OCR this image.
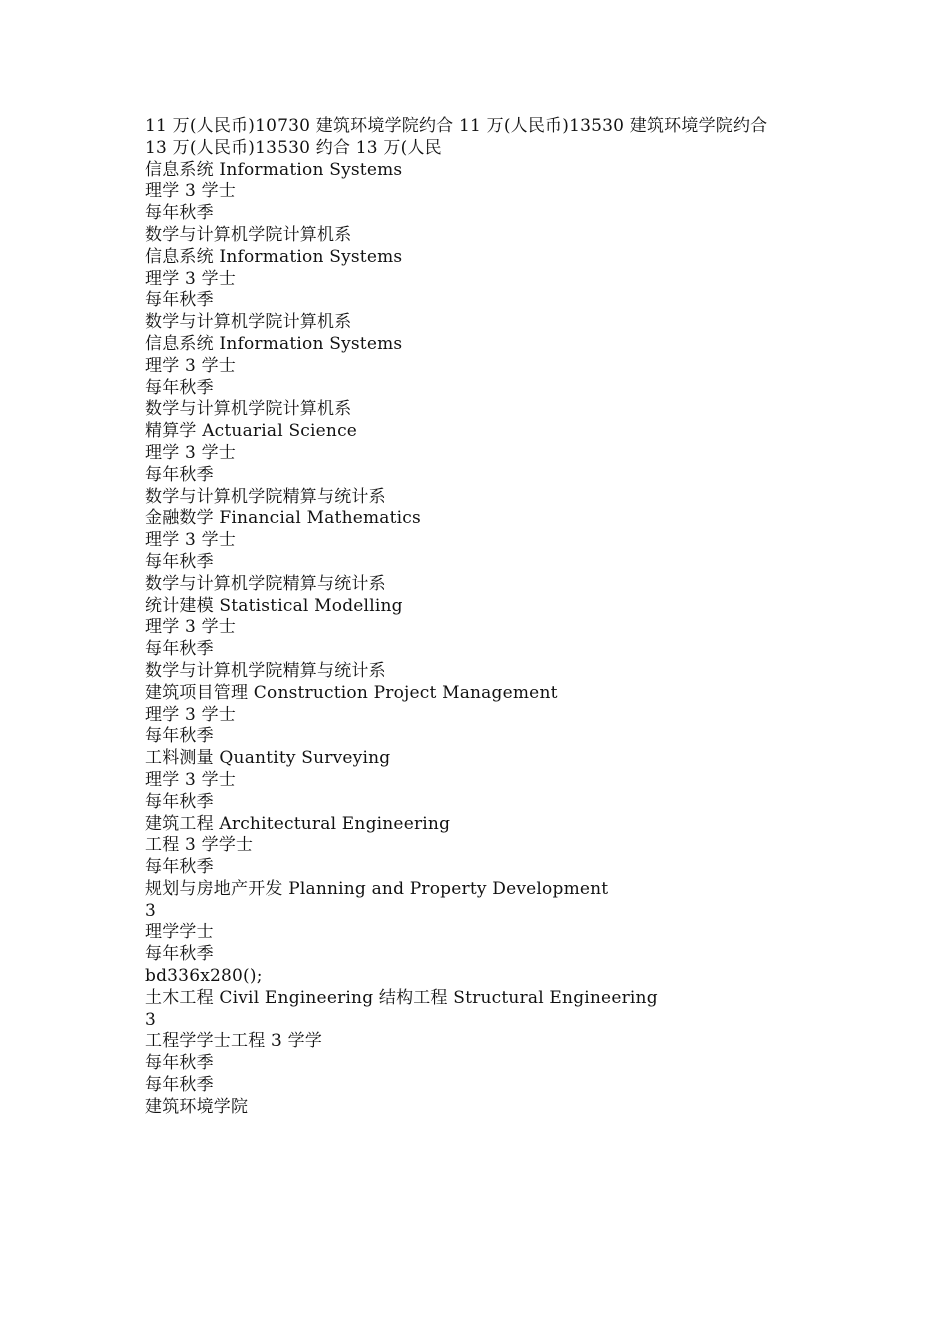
11 万(人民币)10730 建筑环境学院约合 11 万(人民币)13530 建筑环境学院约合
13 万(人民币)13530 约合 13 万(人民
信息系统 Information Systems
理学 3 学士
每年秋季
数学与计算机学院计算机系
信息系统 Information Systems
理学 3 学士
每年秋季
数学与计算机学院计算机系
信息系统 Information Systems
理学 3 学士
每年秋季
数学与计算机学院计算机系
精算学 Actuarial Science
理学 3 学士
每年秋季
数学与计算机学院精算与统计系
金融数学 Financial Mathematics
理学 3 学士
每年秋季
数学与计算机学院精算与统计系
统计建模 Statistical Modelling
理学 3 学士
每年秋季
数学与计算机学院精算与统计系
建筑项目管理 Construction Project Management
理学 3 学士
每年秋季
工料测量 Quantity Surveying
理学 3 学士
每年秋季
建筑工程 Architectural Engineering
工程 3 学学士
每年秋季
规划与房地产开发 Planning and Property Development
3
理学学士
每年秋季
bd336x280();
土木工程 Civil Engineering 结构工程 Structural Engineering
3
工程学学士工程 3 学学
每年秋季
每年秋季
建筑环境学院
